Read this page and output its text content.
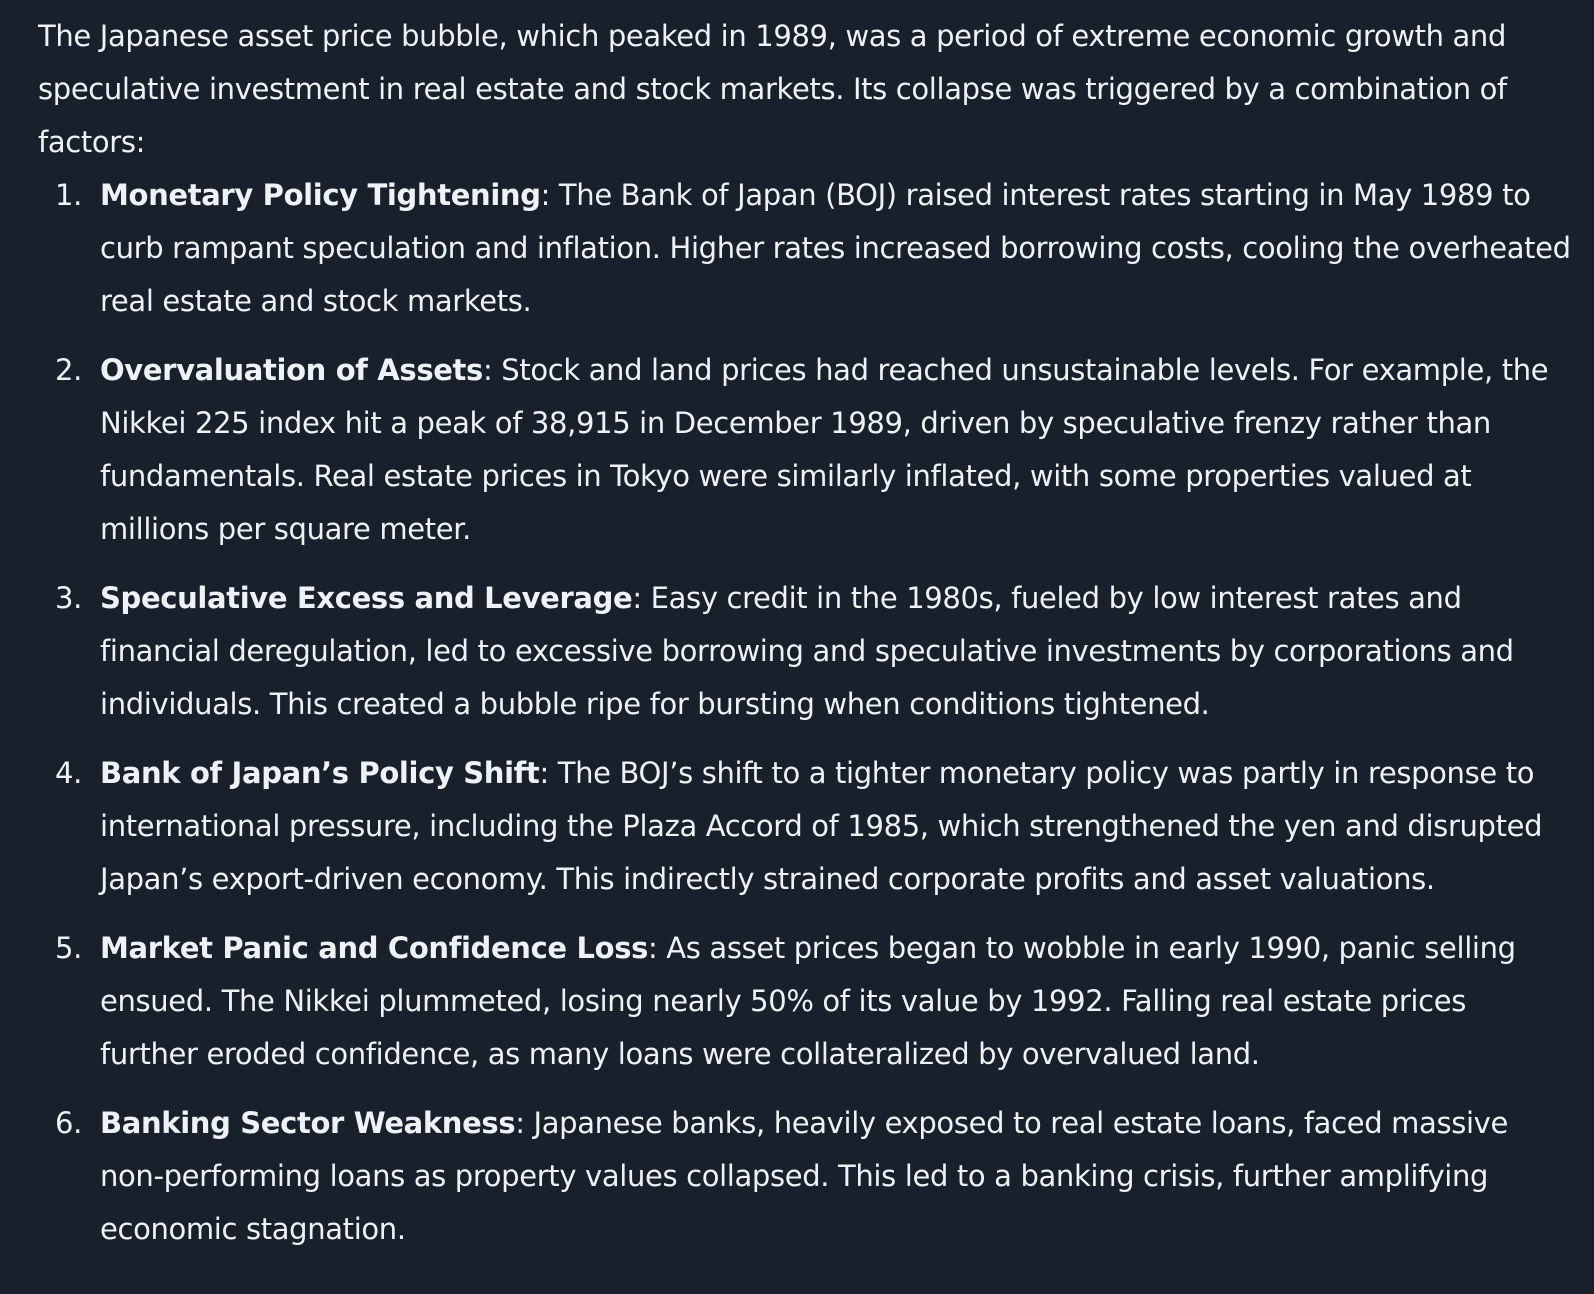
The Japanese asset price bubble, which peaked in 1989, was a period of extreme economic growth and speculative investment in real estate and stock markets. Its collapse was triggered by a combination of factors:

1. Monetary Policy Tightening: The Bank of Japan (BOJ) raised interest rates starting in May 1989 to curb rampant speculation and inflation. Higher rates increased borrowing costs, cooling the overheated real estate and stock markets.
2. Overvaluation of Assets: Stock and land prices had reached unsustainable levels. For example, the Nikkei 225 index hit a peak of 38,915 in December 1989, driven by speculative frenzy rather than fundamentals. Real estate prices in Tokyo were similarly inflated, with some properties valued at millions per square meter.
3. Speculative Excess and Leverage: Easy credit in the 1980s, fueled by low interest rates and financial deregulation, led to excessive borrowing and speculative investments by corporations and individuals. This created a bubble ripe for bursting when conditions tightened.
4. Bank of Japan’s Policy Shift: The BOJ’s shift to a tighter monetary policy was partly in response to international pressure, including the Plaza Accord of 1985, which strengthened the yen and disrupted Japan’s export-driven economy. This indirectly strained corporate profits and asset valuations.
5. Market Panic and Confidence Loss: As asset prices began to wobble in early 1990, panic selling ensued. The Nikkei plummeted, losing nearly 50% of its value by 1992. Falling real estate prices further eroded confidence, as many loans were collateralized by overvalued land.
6. Banking Sector Weakness: Japanese banks, heavily exposed to real estate loans, faced massive non-performing loans as property values collapsed. This led to a banking crisis, further amplifying economic stagnation.
